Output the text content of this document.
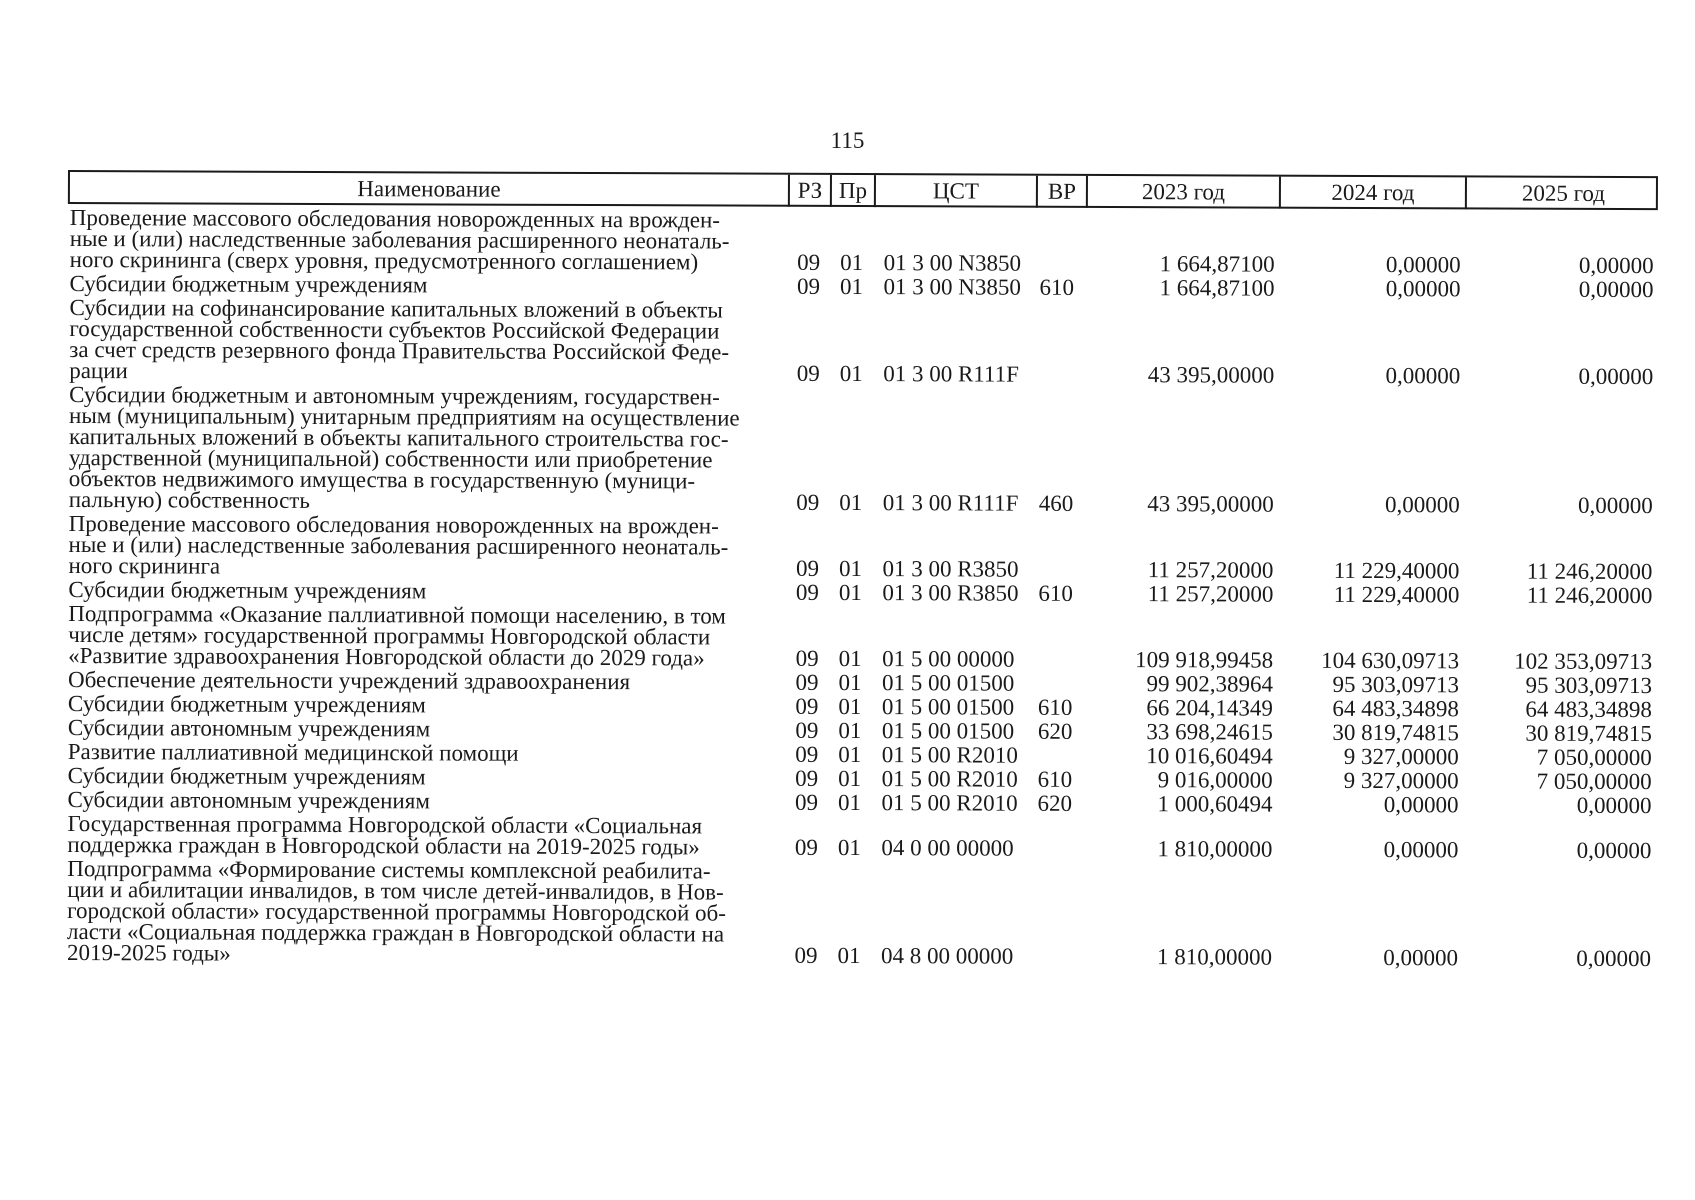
115
Наименование	РЗ Пр	ЦСТ	ВР	2023 год	2024 год	2025 год
Проведение массового обследования новорожденных на врожден-
ные и (или) наследственные заболевания расширенного неонаталь-
ного скрининга (сверх уровня, предусмотренного соглашением)	09 01 01 3 00 N3850	1 664,87100	0,00000	0,00000
Субсидии бюджетным учреждениям	09 01 01 3 00 N3850 610	1 664,87100	0,00000	0,00000
Субсидии на софинансирование капитальных вложений в объекты
государственной собственности субъектов Российской Федерации
за счет средств резервного фонда Правительства Российской Феде-
рации	09 01 01 3 00 R111F	43 395,00000	0,00000	0,00000
Субсидии бюджетным и автономным учреждениям, государствен-
ным (муниципальным) унитарным предприятиям на осуществление
капитальных вложений в объекты капитального строительства гос-
ударственной (муниципальной) собственности или приобретение
объектов недвижимого имущества в государственную (муници-
пальную) собственность	09 01 01 3 00 R111F 460	43 395,00000	0,00000	0,00000
Проведение массового обследования новорожденных на врожден-
ные и (или) наследственные заболевания расширенного неонаталь-
ного скрининга	09 01 01 3 00 R3850	11 257,20000	11 229,40000	11 246,20000
Субсидии бюджетным учреждениям	09 01 01 3 00 R3850 610	11 257,20000	11 229,40000	11 246,20000
Подпрограмма «Оказание паллиативной помощи населению, в том
числе детям» государственной программы Новгородской области
«Развитие здравоохранения Новгородской области до 2029 года»	09 01 01 5 00 00000	109 918,99458	104 630,09713	102 353,09713
Обеспечение деятельности учреждений здравоохранения	09 01 01 5 00 01500	99 902,38964	95 303,09713	95 303,09713
Субсидии бюджетным учреждениям	09 01 01 5 00 01500	610	66 204,14349	64 483,34898	64 483,34898
Субсидии автономным учреждениям	09 01 01 5 00 01500	620	33 698,24615	30 819,74815	30 819,74815
Развитие паллиативной медицинской помощи	09 01 01 5 00 R2010	10 016,60494	9 327,00000	7 050,00000
Субсидии бюджетным учреждениям	09 01 01 5 00 R2010 610	9 016,00000	9 327,00000	7 050,00000
Субсидии автономным учреждениям	09 01 01 5 00 R2010 620	1 000,60494	0,00000	0,00000
Государственная программа Новгородской области «Социальная
поддержка граждан в Новгородской области на 2019-2025 годы»	09 01 04 0 00 00000	1 810,00000	0,00000	0,00000
Подпрограмма «Формирование системы комплексной реабилита-
ции и абилитации инвалидов, в том числе детей-инвалидов, в Нов-
городской области» государственной программы Новгородской об-
ласти «Социальная поддержка граждан в Новгородской области на
2019-2025 годы»	09 01 04 8 00 00000	1 810,00000	0,00000	0,00000
